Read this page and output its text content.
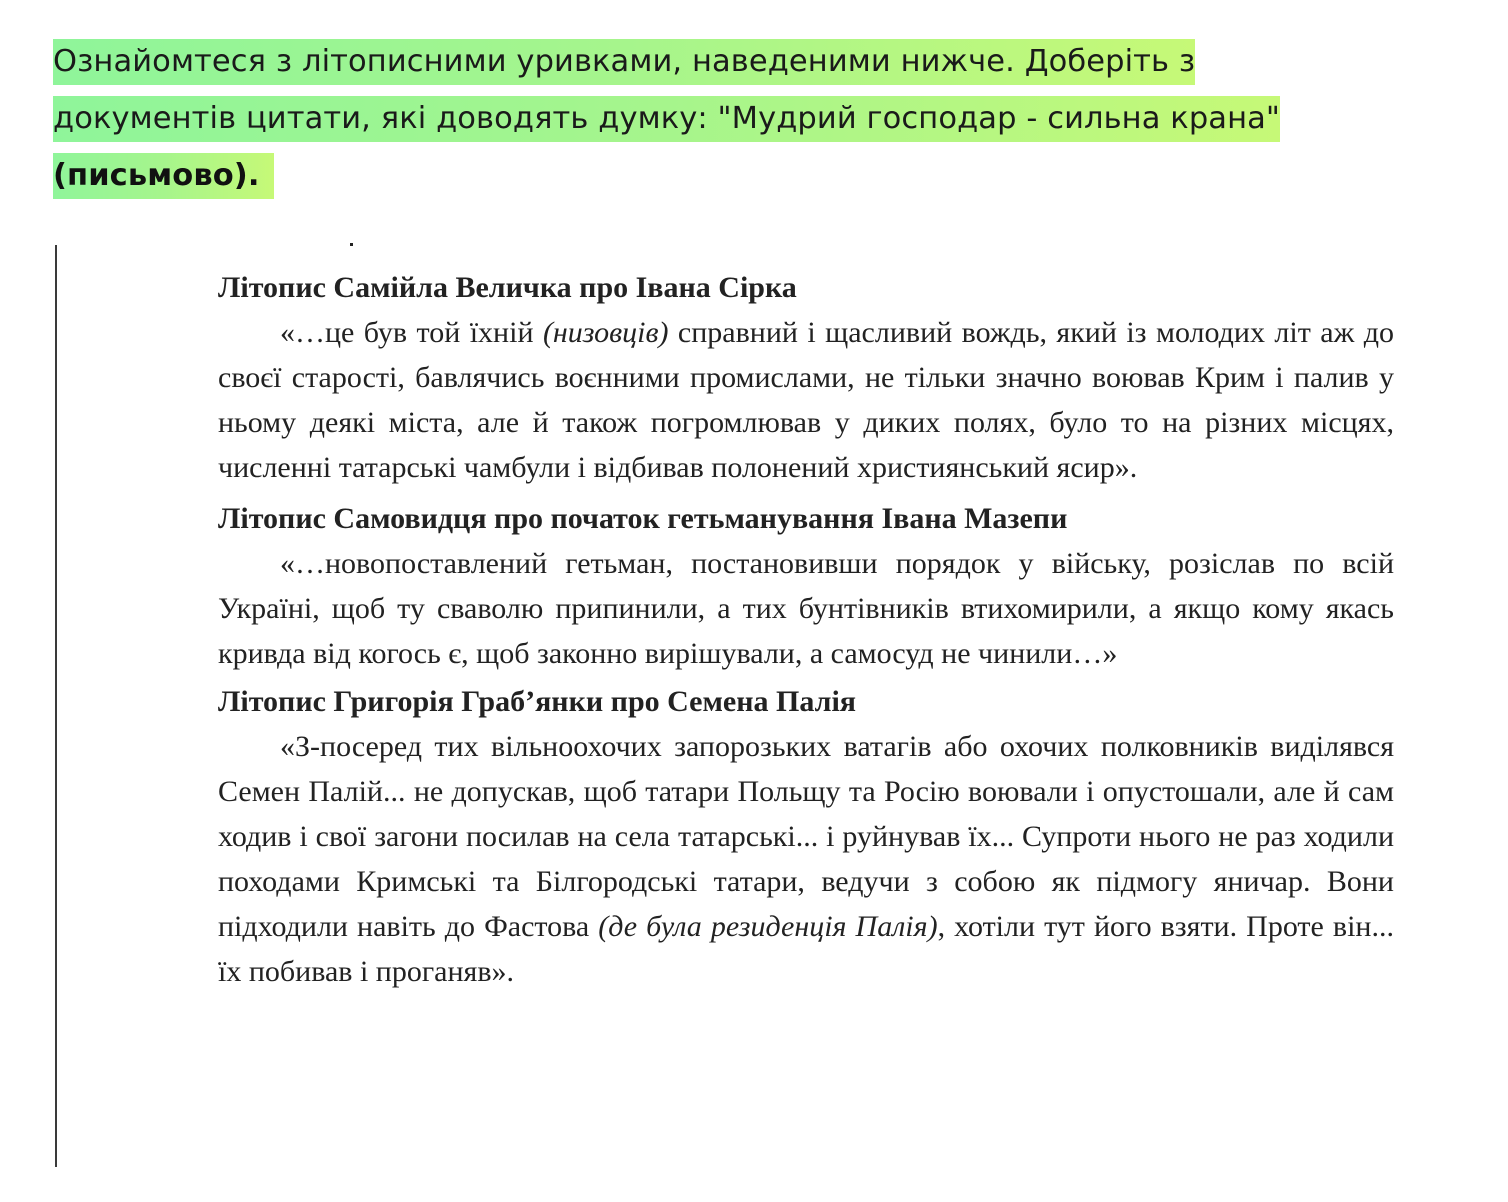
Ознайомтеся з літописними уривками, наведеними нижче. Доберіть з
документів цитати, які доводять думку: "Мудрий господар - сильна крана"
(письмово).

Літопис Самійла Величка про Івана Сірка

«…це був той їхній (низовців) справний і щасливий вождь, який із молодих літ аж до своєї старості, бавлячись воєнними промислами, не тільки значно воював Крим і палив у ньому деякі міста, але й також погромлював у диких полях, було то на різних місцях, численні татарські чамбули і відбивав полонений християнський ясир».

Літопис Самовидця про початок гетьманування Івана Мазепи

«…новопоставлений гетьман, постановивши порядок у війську, розіслав по всій Україні, щоб ту сваволю припинили, а тих бунтівників втихомирили, а якщо кому якась кривда від когось є, щоб законно вирішували, а самосуд не чинили…»

Літопис Григорія Граб’янки про Семена Палія

«З-посеред тих вільноохочих запорозьких ватагів або охочих полковників виділявся Семен Палій... не допускав, щоб татари Польщу та Росію воювали і опустошали, але й сам ходив і свої загони посилав на села татарські... і руйнував їх... Супроти нього не раз ходили походами Кримські та Білгородські татари, ведучи з собою як підмогу яничар. Вони підходили навіть до Фастова (де була резиденція Палія), хотіли тут його взяти. Проте він... їх побивав і проганяв».
